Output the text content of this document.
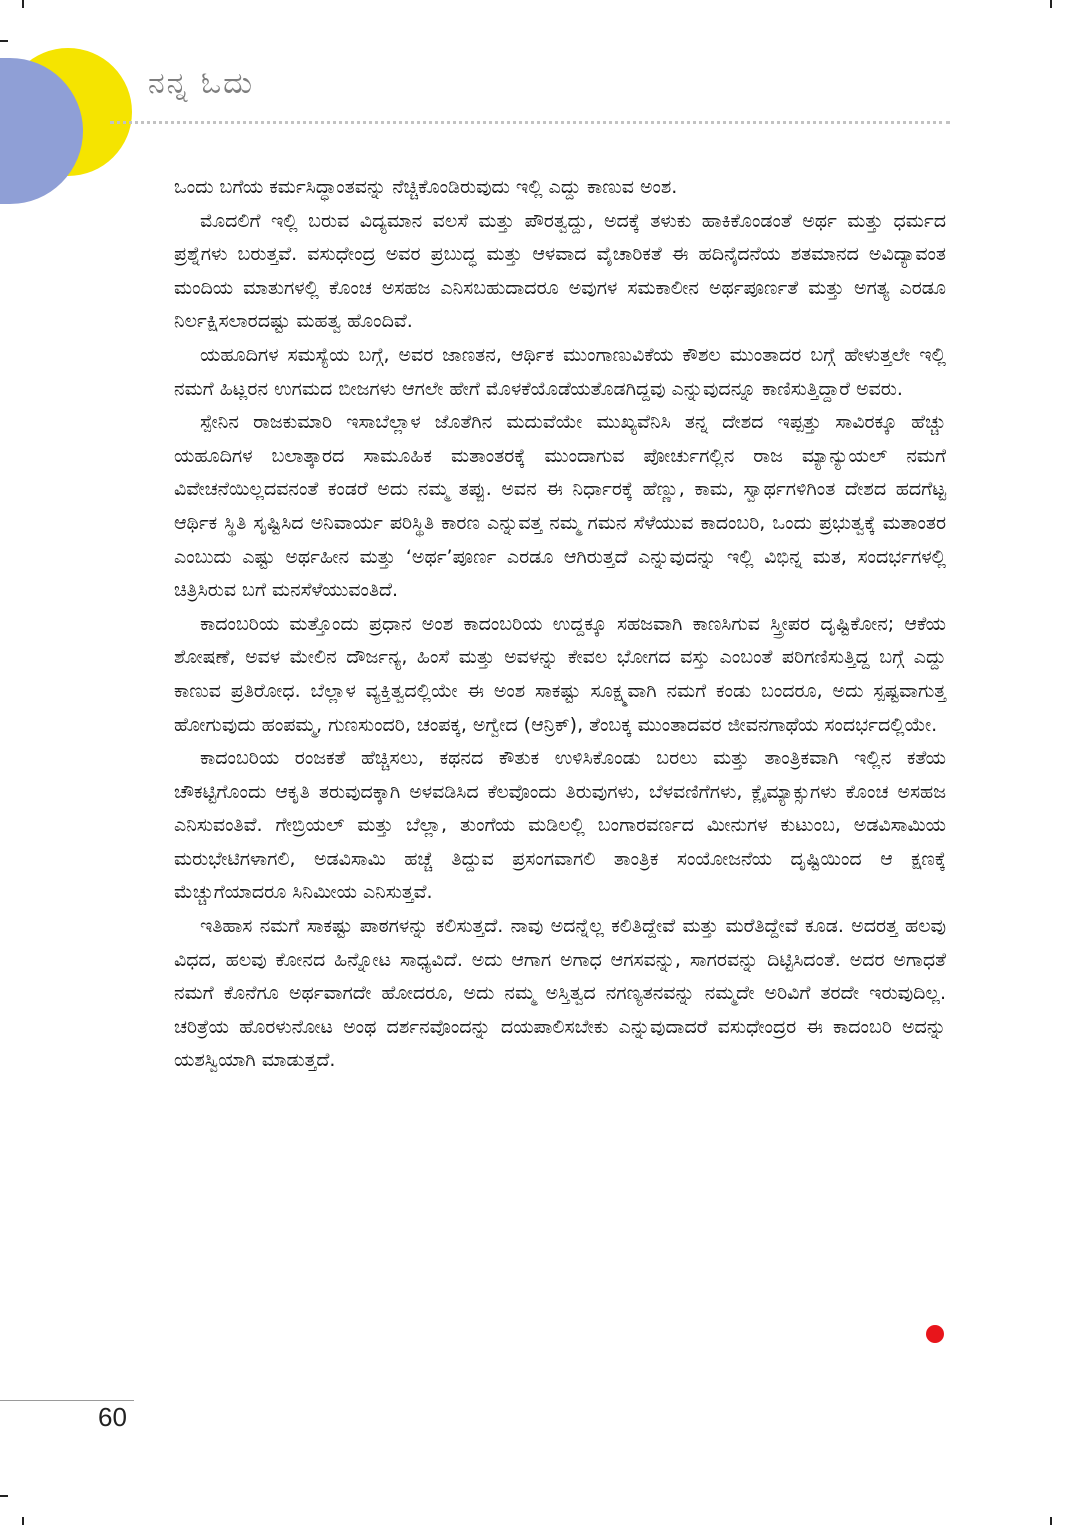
ನನ್ನ ಓದು

ಒಂದು ಬಗೆಯ ಕರ್ಮಸಿದ್ಧಾಂತವನ್ನು ನೆಚ್ಚಿಕೊಂಡಿರುವುದು ಇಲ್ಲಿ ಎದ್ದು ಕಾಣುವ ಅಂಶ.

ಮೊದಲಿಗೆ ಇಲ್ಲಿ ಬರುವ ವಿದ್ಯಮಾನ ವಲಸೆ ಮತ್ತು ಪೌರತ್ವದ್ದು, ಅದಕ್ಕೆ ತಳುಕು ಹಾಕಿಕೊಂಡಂತೆ ಅರ್ಥ ಮತ್ತು ಧರ್ಮದ ಪ್ರಶ್ನೆಗಳು ಬರುತ್ತವೆ. ವಸುಧೇಂದ್ರ ಅವರ ಪ್ರಬುದ್ಧ ಮತ್ತು ಆಳವಾದ ವೈಚಾರಿಕತೆ ಈ ಹದಿನೈದನೆಯ ಶತಮಾನದ ಅವಿದ್ಯಾವಂತ ಮಂದಿಯ ಮಾತುಗಳಲ್ಲಿ ಕೊಂಚ ಅಸಹಜ ಎನಿಸಬಹುದಾದರೂ ಅವುಗಳ ಸಮಕಾಲೀನ ಅರ್ಥಪೂರ್ಣತೆ ಮತ್ತು ಅಗತ್ಯ ಎರಡೂ ನಿರ್ಲಕ್ಷಿಸಲಾರದಷ್ಟು ಮಹತ್ವ ಹೊಂದಿವೆ.

ಯಹೂದಿಗಳ ಸಮಸ್ಯೆಯ ಬಗ್ಗೆ, ಅವರ ಜಾಣತನ, ಆರ್ಥಿಕ ಮುಂಗಾಣುವಿಕೆಯ ಕೌಶಲ ಮುಂತಾದರ ಬಗ್ಗೆ ಹೇಳುತ್ತಲೇ ಇಲ್ಲಿ ನಮಗೆ ಹಿಟ್ಲರನ ಉಗಮದ ಬೀಜಗಳು ಆಗಲೇ ಹೇಗೆ ಮೊಳಕೆಯೊಡೆಯತೊಡಗಿದ್ದವು ಎನ್ನುವುದನ್ನೂ ಕಾಣಿಸುತ್ತಿದ್ದಾರೆ ಅವರು.

ಸ್ಪೇನಿನ ರಾಜಕುಮಾರಿ ಇಸಾಬೆಲ್ಲಾಳ ಜೊತೆಗಿನ ಮದುವೆಯೇ ಮುಖ್ಯವೆನಿಸಿ ತನ್ನ ದೇಶದ ಇಪ್ಪತ್ತು ಸಾವಿರಕ್ಕೂ ಹೆಚ್ಚು ಯಹೂದಿಗಳ ಬಲಾತ್ಕಾರದ ಸಾಮೂಹಿಕ ಮತಾಂತರಕ್ಕೆ ಮುಂದಾಗುವ ಪೋರ್ಚುಗಲ್ಲಿನ ರಾಜ ಮ್ಯಾನ್ಯುಯಲ್ ನಮಗೆ ವಿವೇಚನೆಯಿಲ್ಲದವನಂತೆ ಕಂಡರೆ ಅದು ನಮ್ಮ ತಪ್ಪು. ಅವನ ಈ ನಿರ್ಧಾರಕ್ಕೆ ಹೆಣ್ಣು, ಕಾಮ, ಸ್ವಾರ್ಥಗಳಿಗಿಂತ ದೇಶದ ಹದಗೆಟ್ಟ ಆರ್ಥಿಕ ಸ್ಥಿತಿ ಸೃಷ್ಟಿಸಿದ ಅನಿವಾರ್ಯ ಪರಿಸ್ಥಿತಿ ಕಾರಣ ಎನ್ನುವತ್ತ ನಮ್ಮ ಗಮನ ಸೆಳೆಯುವ ಕಾದಂಬರಿ, ಒಂದು ಪ್ರಭುತ್ವಕ್ಕೆ ಮತಾಂತರ ಎಂಬುದು ಎಷ್ಟು ಅರ್ಥಹೀನ ಮತ್ತು ‘ಅರ್ಥ’ಪೂರ್ಣ ಎರಡೂ ಆಗಿರುತ್ತದೆ ಎನ್ನುವುದನ್ನು ಇಲ್ಲಿ ವಿಭಿನ್ನ ಮತ, ಸಂದರ್ಭಗಳಲ್ಲಿ ಚಿತ್ರಿಸಿರುವ ಬಗೆ ಮನಸೆಳೆಯುವಂತಿದೆ.

ಕಾದಂಬರಿಯ ಮತ್ತೊಂದು ಪ್ರಧಾನ ಅಂಶ ಕಾದಂಬರಿಯ ಉದ್ದಕ್ಕೂ ಸಹಜವಾಗಿ ಕಾಣಸಿಗುವ ಸ್ತ್ರೀಪರ ದೃಷ್ಟಿಕೋನ; ಆಕೆಯ ಶೋಷಣೆ, ಅವಳ ಮೇಲಿನ ದೌರ್ಜನ್ಯ, ಹಿಂಸೆ ಮತ್ತು ಅವಳನ್ನು ಕೇವಲ ಭೋಗದ ವಸ್ತು ಎಂಬಂತೆ ಪರಿಗಣಿಸುತ್ತಿದ್ದ ಬಗ್ಗೆ ಎದ್ದು ಕಾಣುವ ಪ್ರತಿರೋಧ. ಬೆಲ್ಲಾಳ ವ್ಯಕ್ತಿತ್ವದಲ್ಲಿಯೇ ಈ ಅಂಶ ಸಾಕಷ್ಟು ಸೂಕ್ಷ್ಮವಾಗಿ ನಮಗೆ ಕಂಡು ಬಂದರೂ, ಅದು ಸ್ಪಷ್ಟವಾಗುತ್ತ ಹೋಗುವುದು ಹಂಪಮ್ಮ, ಗುಣಸುಂದರಿ, ಚಂಪಕ್ಕ, ಅಗ್ವೇದ (ಆನ್ರಿಕ್), ತೆಂಬಕ್ಕ ಮುಂತಾದವರ ಜೀವನಗಾಥೆಯ ಸಂದರ್ಭದಲ್ಲಿಯೇ.

ಕಾದಂಬರಿಯ ರಂಜಕತೆ ಹೆಚ್ಚಿಸಲು, ಕಥನದ ಕೌತುಕ ಉಳಿಸಿಕೊಂಡು ಬರಲು ಮತ್ತು ತಾಂತ್ರಿಕವಾಗಿ ಇಲ್ಲಿನ ಕತೆಯ ಚೌಕಟ್ಟಿಗೊಂದು ಆಕೃತಿ ತರುವುದಕ್ಕಾಗಿ ಅಳವಡಿಸಿದ ಕೆಲವೊಂದು ತಿರುವುಗಳು, ಬೆಳವಣಿಗೆಗಳು, ಕ್ಲೈಮ್ಯಾಕ್ಸುಗಳು ಕೊಂಚ ಅಸಹಜ ಎನಿಸುವಂತಿವೆ. ಗೇಬ್ರಿಯಲ್ ಮತ್ತು ಬೆಲ್ಲಾ, ತುಂಗೆಯ ಮಡಿಲಲ್ಲಿ ಬಂಗಾರವರ್ಣದ ಮೀನುಗಳ ಕುಟುಂಬ, ಅಡವಿಸಾಮಿಯ ಮರುಭೇಟಿಗಳಾಗಲಿ, ಅಡವಿಸಾಮಿ ಹಚ್ಚೆ ತಿದ್ದುವ ಪ್ರಸಂಗವಾಗಲಿ ತಾಂತ್ರಿಕ ಸಂಯೋಜನೆಯ ದೃಷ್ಟಿಯಿಂದ ಆ ಕ್ಷಣಕ್ಕೆ ಮೆಚ್ಚುಗೆಯಾದರೂ ಸಿನಿಮೀಯ ಎನಿಸುತ್ತವೆ.

ಇತಿಹಾಸ ನಮಗೆ ಸಾಕಷ್ಟು ಪಾಠಗಳನ್ನು ಕಲಿಸುತ್ತದೆ. ನಾವು ಅದನ್ನೆಲ್ಲ ಕಲಿತಿದ್ದೇವೆ ಮತ್ತು ಮರೆತಿದ್ದೇವೆ ಕೂಡ. ಅದರತ್ತ ಹಲವು ವಿಧದ, ಹಲವು ಕೋನದ ಹಿನ್ನೋಟ ಸಾಧ್ಯವಿದೆ. ಅದು ಆಗಾಗ ಅಗಾಧ ಆಗಸವನ್ನು, ಸಾಗರವನ್ನು ದಿಟ್ಟಿಸಿದಂತೆ. ಅದರ ಅಗಾಧತೆ ನಮಗೆ ಕೊನೆಗೂ ಅರ್ಥವಾಗದೇ ಹೋದರೂ, ಅದು ನಮ್ಮ ಅಸ್ತಿತ್ವದ ನಗಣ್ಯತನವನ್ನು ನಮ್ಮದೇ ಅರಿವಿಗೆ ತರದೇ ಇರುವುದಿಲ್ಲ. ಚರಿತ್ರೆಯ ಹೊರಳುನೋಟ ಅಂಥ ದರ್ಶನವೊಂದನ್ನು ದಯಪಾಲಿಸಬೇಕು ಎನ್ನುವುದಾದರೆ ವಸುಧೇಂದ್ರರ ಈ ಕಾದಂಬರಿ ಅದನ್ನು ಯಶಸ್ವಿಯಾಗಿ ಮಾಡುತ್ತದೆ.

60
